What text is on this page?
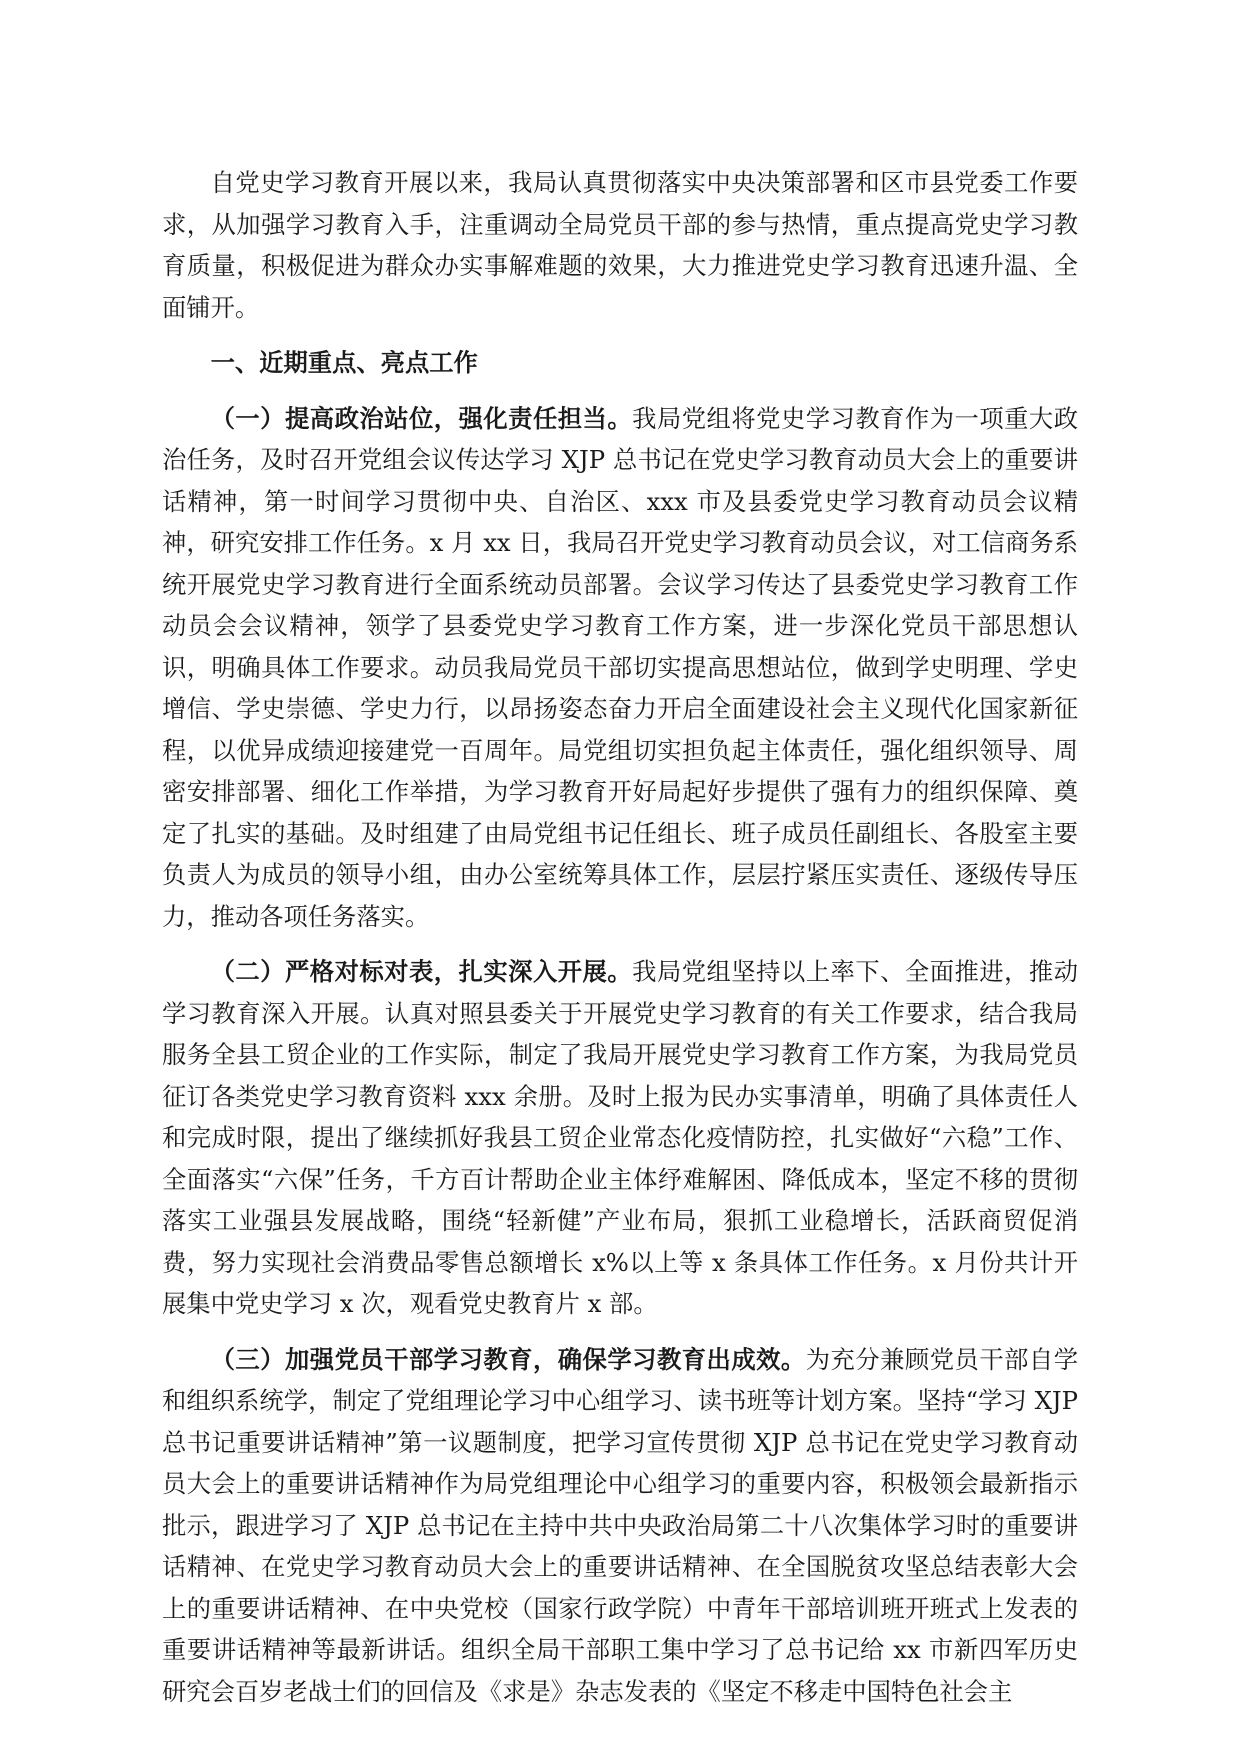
自党史学习教育开展以来，我局认真贯彻落实中央决策部署和区市县党委工作要求，从加强学习教育入手，注重调动全局党员干部的参与热情，重点提高党史学习教育质量，积极促进为群众办实事解难题的效果，大力推进党史学习教育迅速升温、全面铺开。

一、近期重点、亮点工作

（一）提高政治站位，强化责任担当。我局党组将党史学习教育作为一项重大政治任务，及时召开党组会议传达学习 XJP 总书记在党史学习教育动员大会上的重要讲话精神，第一时间学习贯彻中央、自治区、xxx 市及县委党史学习教育动员会议精神，研究安排工作任务。x 月 xx 日，我局召开党史学习教育动员会议，对工信商务系统开展党史学习教育进行全面系统动员部署。会议学习传达了县委党史学习教育工作动员会会议精神，领学了县委党史学习教育工作方案，进一步深化党员干部思想认识，明确具体工作要求。动员我局党员干部切实提高思想站位，做到学史明理、学史增信、学史崇德、学史力行，以昂扬姿态奋力开启全面建设社会主义现代化国家新征程，以优异成绩迎接建党一百周年。局党组切实担负起主体责任，强化组织领导、周密安排部署、细化工作举措，为学习教育开好局起好步提供了强有力的组织保障、奠定了扎实的基础。及时组建了由局党组书记任组长、班子成员任副组长、各股室主要负责人为成员的领导小组，由办公室统筹具体工作，层层拧紧压实责任、逐级传导压力，推动各项任务落实。

（二）严格对标对表，扎实深入开展。我局党组坚持以上率下、全面推进，推动学习教育深入开展。认真对照县委关于开展党史学习教育的有关工作要求，结合我局服务全县工贸企业的工作实际，制定了我局开展党史学习教育工作方案，为我局党员征订各类党史学习教育资料 xxx 余册。及时上报为民办实事清单，明确了具体责任人和完成时限，提出了继续抓好我县工贸企业常态化疫情防控，扎实做好“六稳”工作、全面落实“六保”任务，千方百计帮助企业主体纾难解困、降低成本，坚定不移的贯彻落实工业强县发展战略，围绕“轻新健”产业布局，狠抓工业稳增长，活跃商贸促消费，努力实现社会消费品零售总额增长 x%以上等 x 条具体工作任务。x 月份共计开展集中党史学习 x 次，观看党史教育片 x 部。

（三）加强党员干部学习教育，确保学习教育出成效。为充分兼顾党员干部自学和组织系统学，制定了党组理论学习中心组学习、读书班等计划方案。坚持“学习 XJP 总书记重要讲话精神”第一议题制度，把学习宣传贯彻 XJP 总书记在党史学习教育动员大会上的重要讲话精神作为局党组理论中心组学习的重要内容，积极领会最新指示批示，跟进学习了 XJP 总书记在主持中共中央政治局第二十八次集体学习时的重要讲话精神、在党史学习教育动员大会上的重要讲话精神、在全国脱贫攻坚总结表彰大会上的重要讲话精神、在中央党校（国家行政学院）中青年干部培训班开班式上发表的重要讲话精神等最新讲话。组织全局干部职工集中学习了总书记给 xx 市新四军历史研究会百岁老战士们的回信及《求是》杂志发表的《坚定不移走中国特色社会主
